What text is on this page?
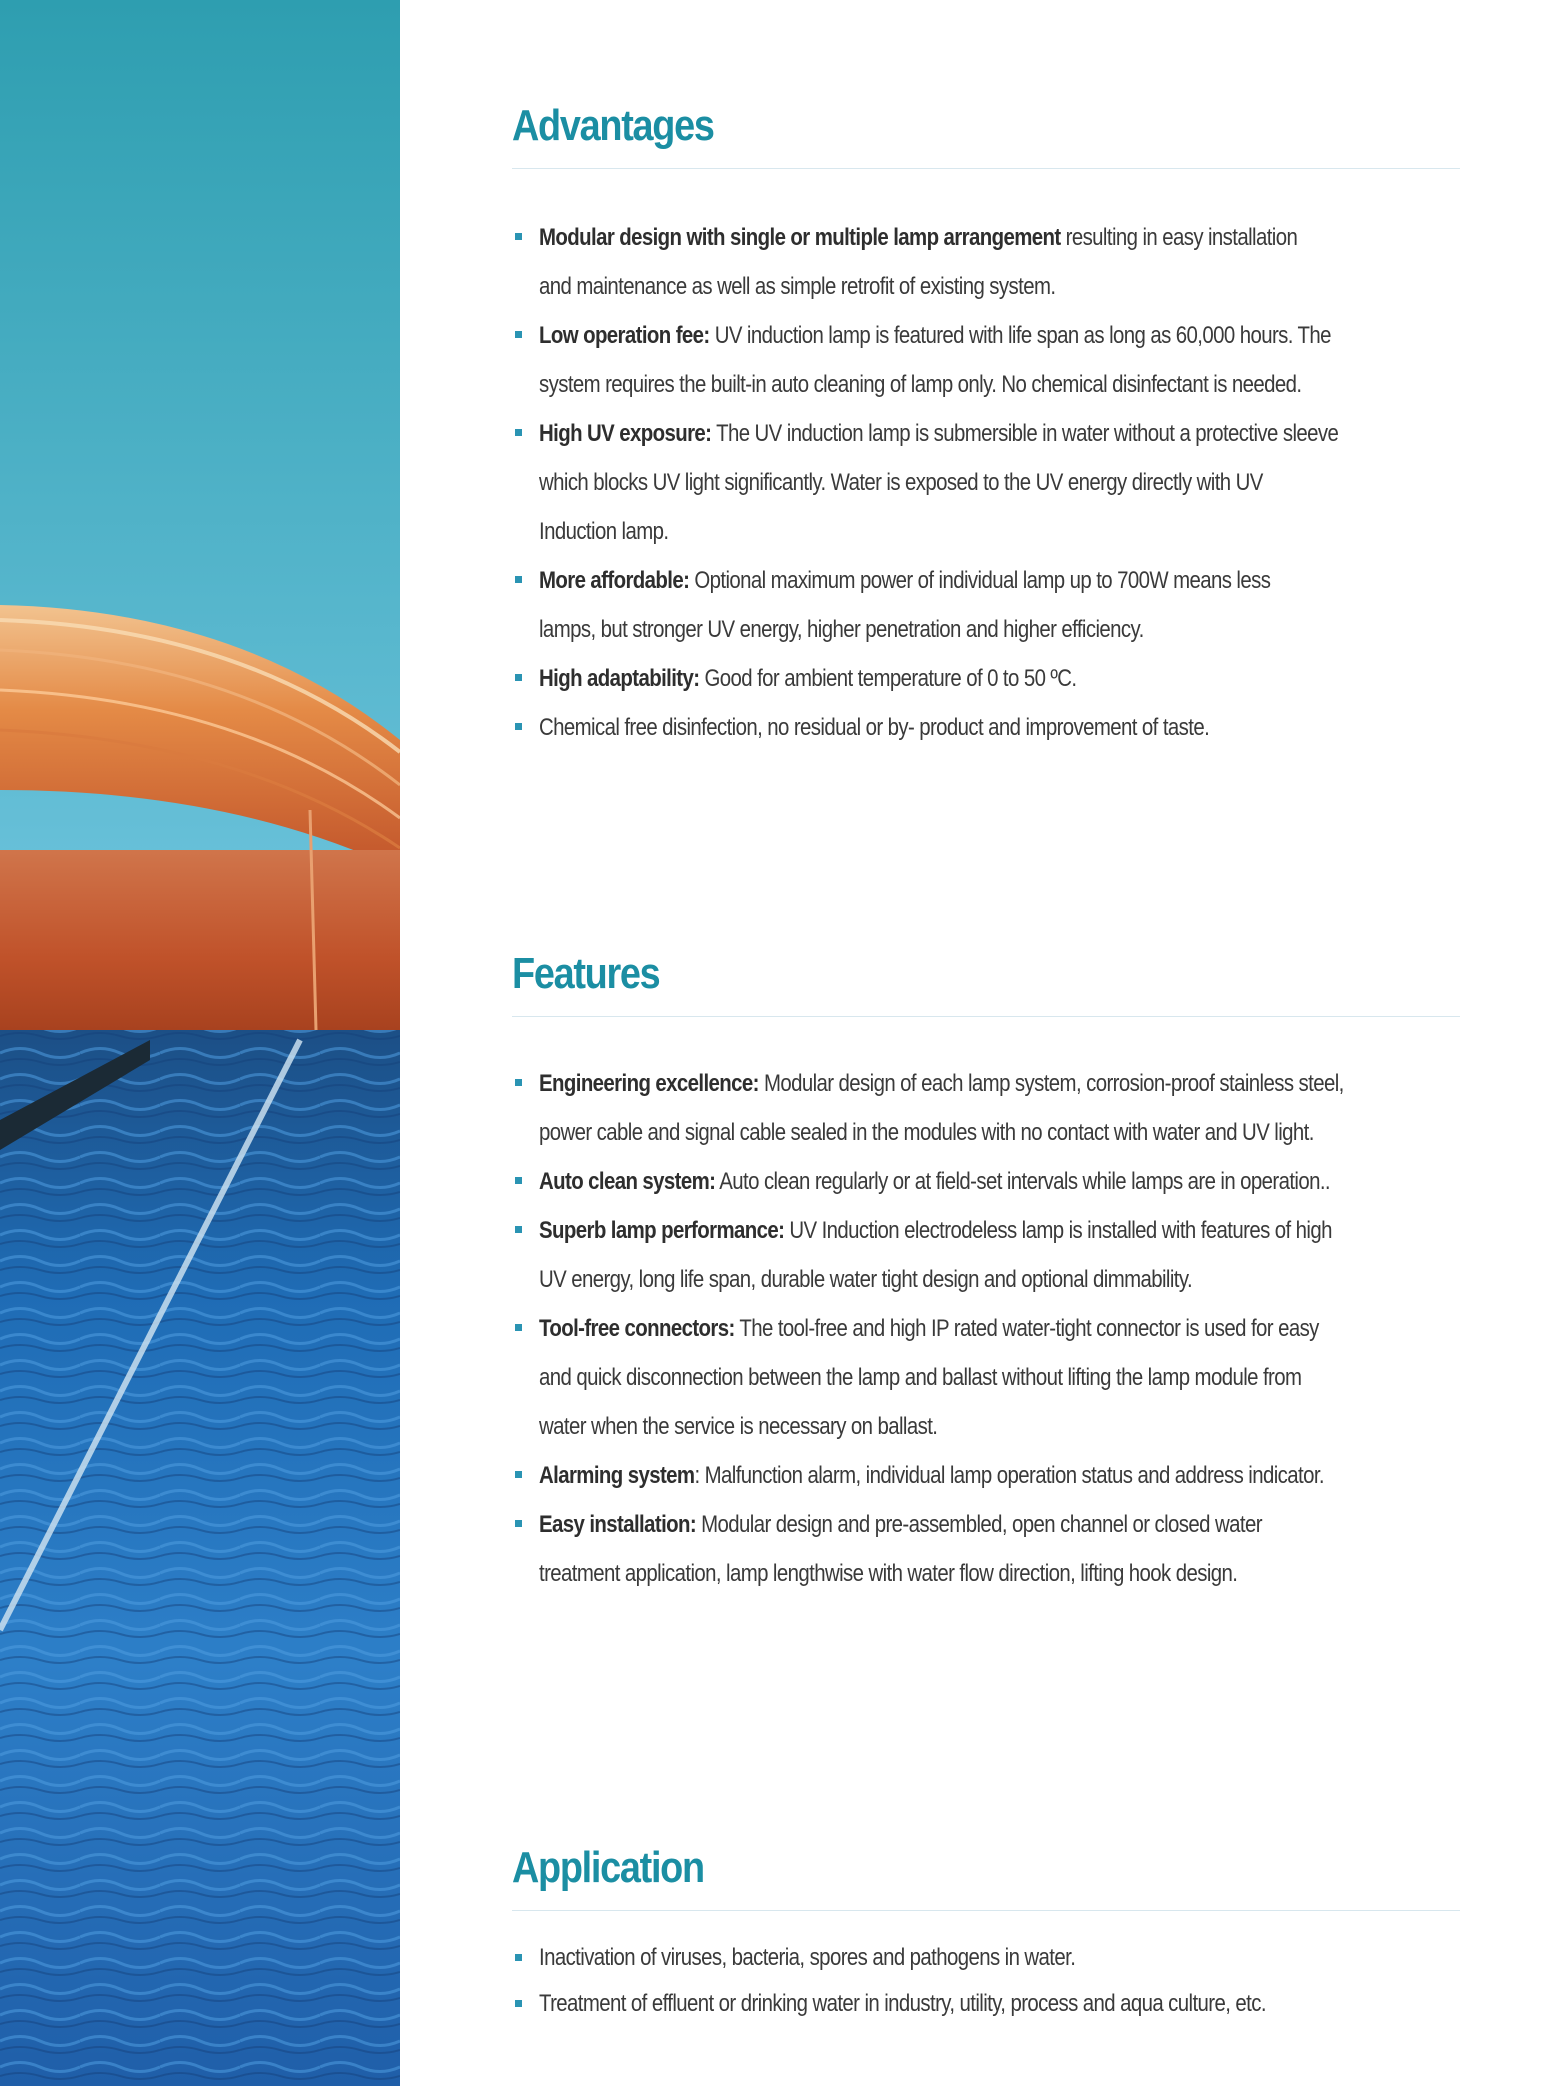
Advantages
Modular design with single or multiple lamp arrangement resulting in easy installation
and maintenance as well as simple retrofit of existing system.
Low operation fee: UV induction lamp is featured with life span as long as 60,000 hours. The
system requires the built-in auto cleaning of lamp only. No chemical disinfectant is needed.
High UV exposure: The UV induction lamp is submersible in water without a protective sleeve
which blocks UV light significantly. Water is exposed to the UV energy directly with UV
Induction lamp.
More affordable: Optional maximum power of individual lamp up to 700W means less
lamps, but stronger UV energy, higher penetration and higher efficiency.
High adaptability: Good for ambient temperature of 0 to 50 ºC.
Chemical free disinfection, no residual or by- product and improvement of taste.
Features
Engineering excellence: Modular design of each lamp system, corrosion-proof stainless steel,
power cable and signal cable sealed in the modules with no contact with water and UV light.
Auto clean system: Auto clean regularly or at field-set intervals while lamps are in operation..
Superb lamp performance: UV Induction electrodeless lamp is installed with features of high
UV energy, long life span, durable water tight design and optional dimmability.
Tool-free connectors: The tool-free and high IP rated water-tight connector is used for easy
and quick disconnection between the lamp and ballast without lifting the lamp module from
water when the service is necessary on ballast.
Alarming system: Malfunction alarm, individual lamp operation status and address indicator.
Easy installation: Modular design and pre-assembled, open channel or closed water
treatment application, lamp lengthwise with water flow direction, lifting hook design.
Application
Inactivation of viruses, bacteria, spores and pathogens in water.
Treatment of effluent or drinking water in industry, utility, process and aqua culture, etc.
